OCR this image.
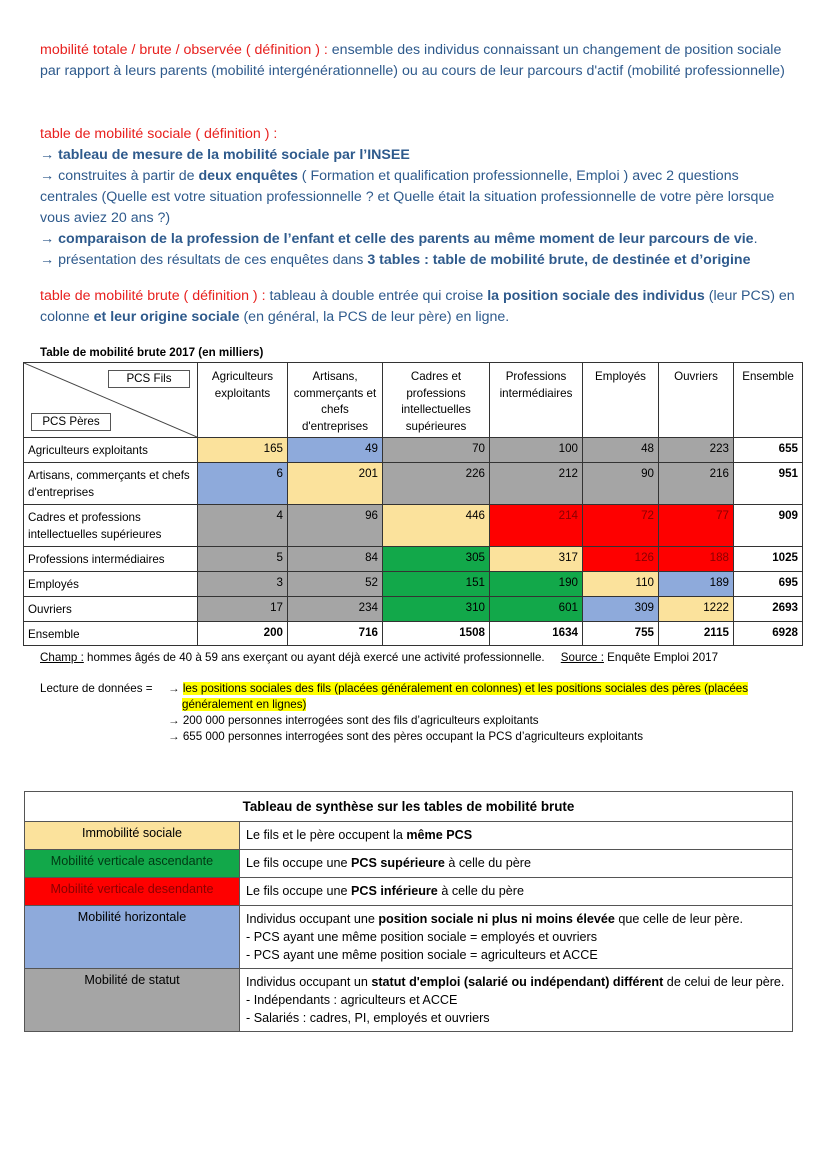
mobilité totale / brute / observée ( définition ) : ensemble des individus connaissant un changement de position sociale par rapport à leurs parents (mobilité intergénérationnelle) ou au cours de leur parcours d'actif (mobilité professionnelle)

table de mobilité sociale ( définition ) :

→ tableau de mesure de la mobilité sociale par l’INSEE

→ construites à partir de deux enquêtes ( Formation et qualification professionnelle, Emploi ) avec 2 questions centrales (Quelle est votre situation professionnelle ? et Quelle était la situation professionnelle de votre père lorsque vous aviez 20 ans ?)

→ comparaison de la profession de l’enfant et celle des parents au même moment de leur parcours de vie.

→ présentation des résultats de ces enquêtes dans 3 tables : table de mobilité brute, de destinée et d’origine

table de mobilité brute ( définition ) : tableau à double entrée qui croise la position sociale des individus (leur PCS) en colonne et leur origine sociale (en général, la PCS de leur père) en ligne.

Table de mobilité brute 2017 (en milliers)
PCS Fils
PCS Pères	Agriculteurs exploitants	Artisans, commerçants et chefs d'entreprises	Cadres et professions intellectuelles supérieures	Professions intermédiaires	Employés	Ouvriers	Ensemble
Agriculteurs exploitants	165	49	70	100	48	223	655
Artisans, commerçants et chefs d'entreprises	6	201	226	212	90	216	951
Cadres et professions intellectuelles supérieures	4	96	446	214	72	77	909
Professions intermédiaires	5	84	305	317	126	188	1025
Employés	3	52	151	190	110	189	695
Ouvriers	17	234	310	601	309	1222	2693
Ensemble	200	716	1508	1634	755	2115	6928
Champ : hommes âgés de 40 à 59 ans exerçant ou ayant déjà exercé une activité professionnelle. Source : Enquête Emploi 2017
Lecture de données =	→ les positions sociales des fils (placées généralement en colonnes) et les positions sociales des pères (placées généralement en lignes)
→ 200 000 personnes interrogées sont des fils d’agriculteurs exploitants
→ 655 000 personnes interrogées sont des pères occupant la PCS d’agriculteurs exploitants
Tableau de synthèse sur les tables de mobilité brute	
Immobilité sociale	Le fils et le père occupent la même PCS
Mobilité verticale ascendante	Le fils occupe une PCS supérieure à celle du père
Mobilité verticale desendante	Le fils occupe une PCS inférieure à celle du père
Mobilité horizontale	Individus occupant une position sociale ni plus ni moins élevée que celle de leur père.
- PCS ayant une même position sociale = employés et ouvriers
- PCS ayant une même position sociale = agriculteurs et ACCE

Mobilité de statut	Individus occupant un statut d'emploi (salarié ou indépendant) différent de celui de leur père.
- Indépendants : agriculteurs et ACCE
- Salariés : cadres, PI, employés et ouvriers
